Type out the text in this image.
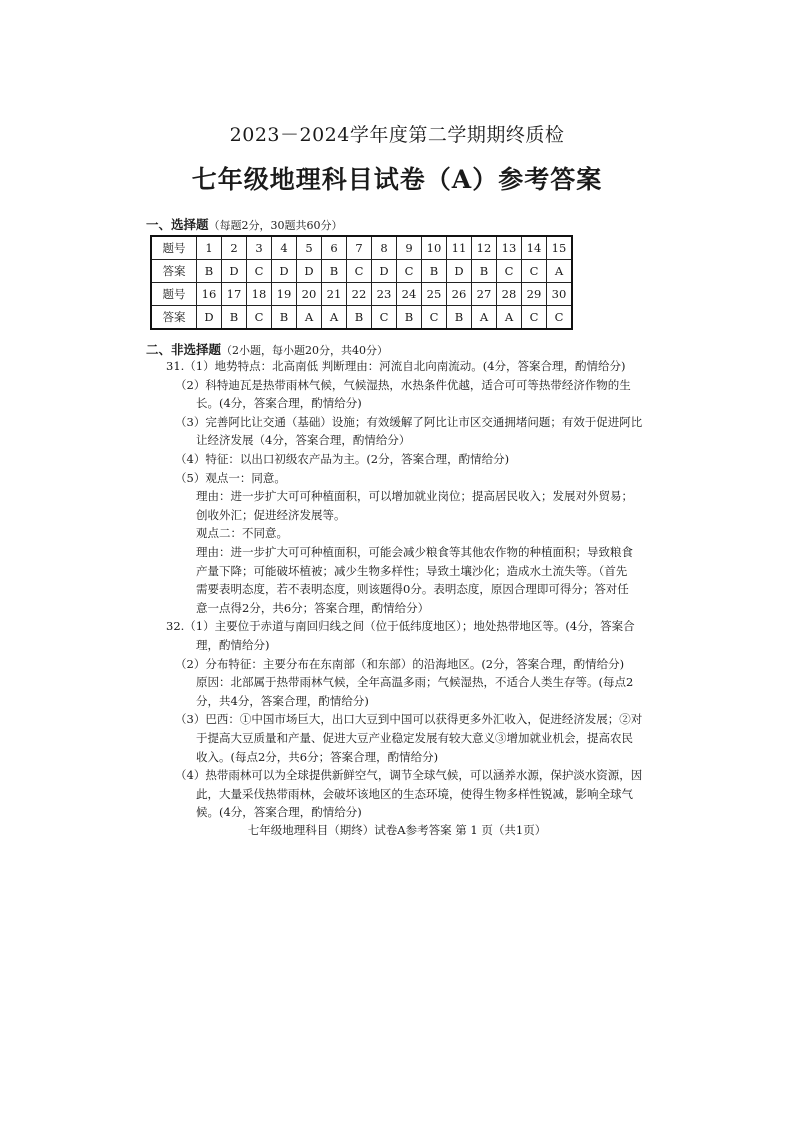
2023－2024学年度第二学期期终质检
七年级地理科目试卷（A）参考答案
一、选择题（每题2分，30题共60分）
题号	1	2	3	4	5	6	7	8	9	10	11	12	13	14	15
答案	B	D	C	D	D	B	C	D	C	B	D	B	C	C	A
题号	16	17	18	19	20	21	22	23	24	25	26	27	28	29	30
答案	D	B	C	B	A	A	B	C	B	C	B	A	A	C	C
二、非选择题（2小题，每小题20分，共40分）
31.（1）地势特点：北高南低 判断理由：河流自北向南流动。(4分，答案合理，酌情给分)
（2）科特迪瓦是热带雨林气候，气候湿热，水热条件优越，适合可可等热带经济作物的生
长。(4分，答案合理，酌情给分)
（3）完善阿比让交通（基础）设施；有效缓解了阿比让市区交通拥堵问题；有效于促进阿比
让经济发展（4分，答案合理，酌情给分）
（4）特征：以出口初级农产品为主。(2分，答案合理，酌情给分)
（5）观点一：同意。
理由：进一步扩大可可种植面积，可以增加就业岗位；提高居民收入；发展对外贸易；
创收外汇；促进经济发展等。
观点二：不同意。
理由：进一步扩大可可种植面积，可能会减少粮食等其他农作物的种植面积；导致粮食
产量下降；可能破坏植被；减少生物多样性；导致土壤沙化；造成水土流失等。（首先
需要表明态度，若不表明态度，则该题得0分。表明态度，原因合理即可得分；答对任
意一点得2分，共6分；答案合理，酌情给分）
32.（1）主要位于赤道与南回归线之间（位于低纬度地区）；地处热带地区等。(4分，答案合
理，酌情给分)
（2）分布特征：主要分布在东南部（和东部）的沿海地区。(2分，答案合理，酌情给分)
原因：北部属于热带雨林气候，全年高温多雨；气候湿热，不适合人类生存等。(每点2
分，共4分，答案合理，酌情给分)
（3）巴西：①中国市场巨大，出口大豆到中国可以获得更多外汇收入，促进经济发展；②对
于提高大豆质量和产量、促进大豆产业稳定发展有较大意义③增加就业机会，提高农民
收入。(每点2分，共6分；答案合理，酌情给分)
（4）热带雨林可以为全球提供新鲜空气，调节全球气候，可以涵养水源，保护淡水资源，因
此，大量采伐热带雨林，会破坏该地区的生态环境，使得生物多样性锐减，影响全球气
候。(4分，答案合理，酌情给分)
七年级地理科目（期终）试卷A参考答案 第 1 页（共1页）
